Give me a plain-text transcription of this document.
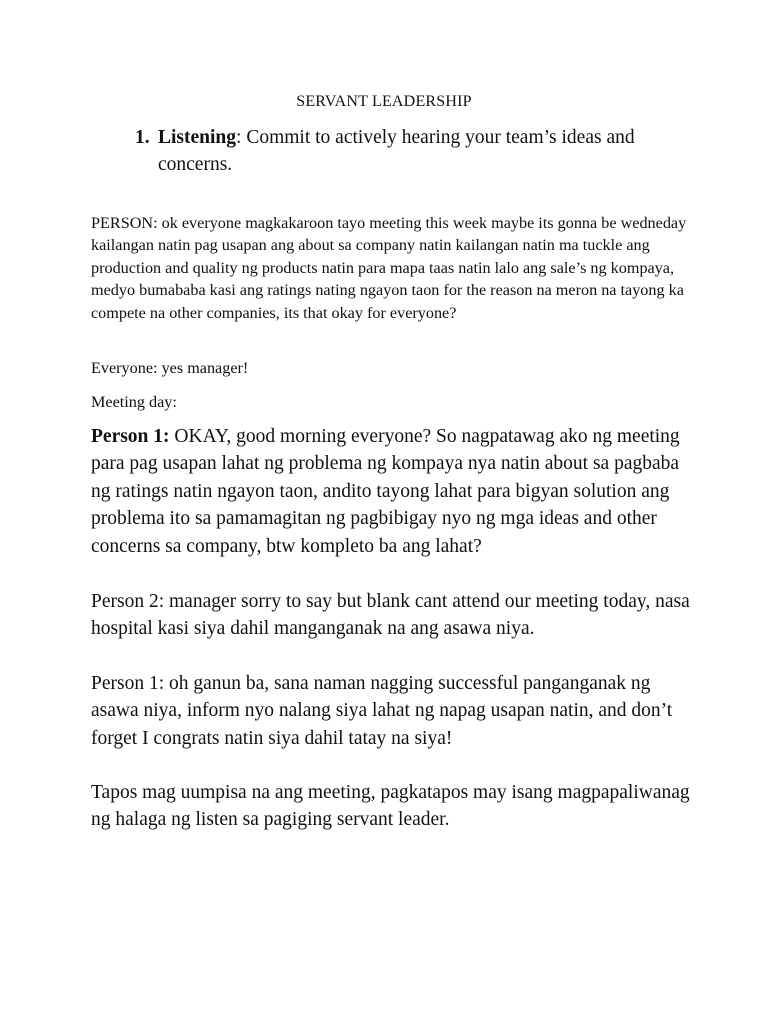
SERVANT LEADERSHIP
1. Listening: Commit to actively hearing your team’s ideas and concerns.
PERSON: ok everyone magkakaroon tayo meeting this week maybe its gonna be wedneday kailangan natin pag usapan ang about sa company natin kailangan natin ma tuckle ang production and quality ng products natin para mapa taas natin lalo ang sale’s ng kompaya, medyo bumababa kasi ang ratings nating ngayon taon for the reason na meron na tayong ka compete na other companies, its that okay for everyone?
Everyone: yes manager!
Meeting day:
Person 1: OKAY, good morning everyone? So nagpatawag ako ng meeting para pag usapan lahat ng problema ng kompaya nya natin about sa pagbaba ng ratings natin ngayon taon, andito tayong lahat para bigyan solution ang problema ito sa pamamagitan ng pagbibigay nyo ng mga ideas and other concerns sa company, btw kompleto ba ang lahat?
Person 2: manager sorry to say but blank cant attend our meeting today, nasa hospital kasi siya dahil manganganak na ang asawa niya.
Person 1: oh ganun ba, sana naman nagging successful panganganak ng asawa niya, inform nyo nalang siya lahat ng napag usapan natin, and don’t forget I congrats natin siya dahil tatay na siya!
Tapos mag uumpisa na ang meeting, pagkatapos may isang magpapaliwanag ng halaga ng listen sa pagiging servant leader.
